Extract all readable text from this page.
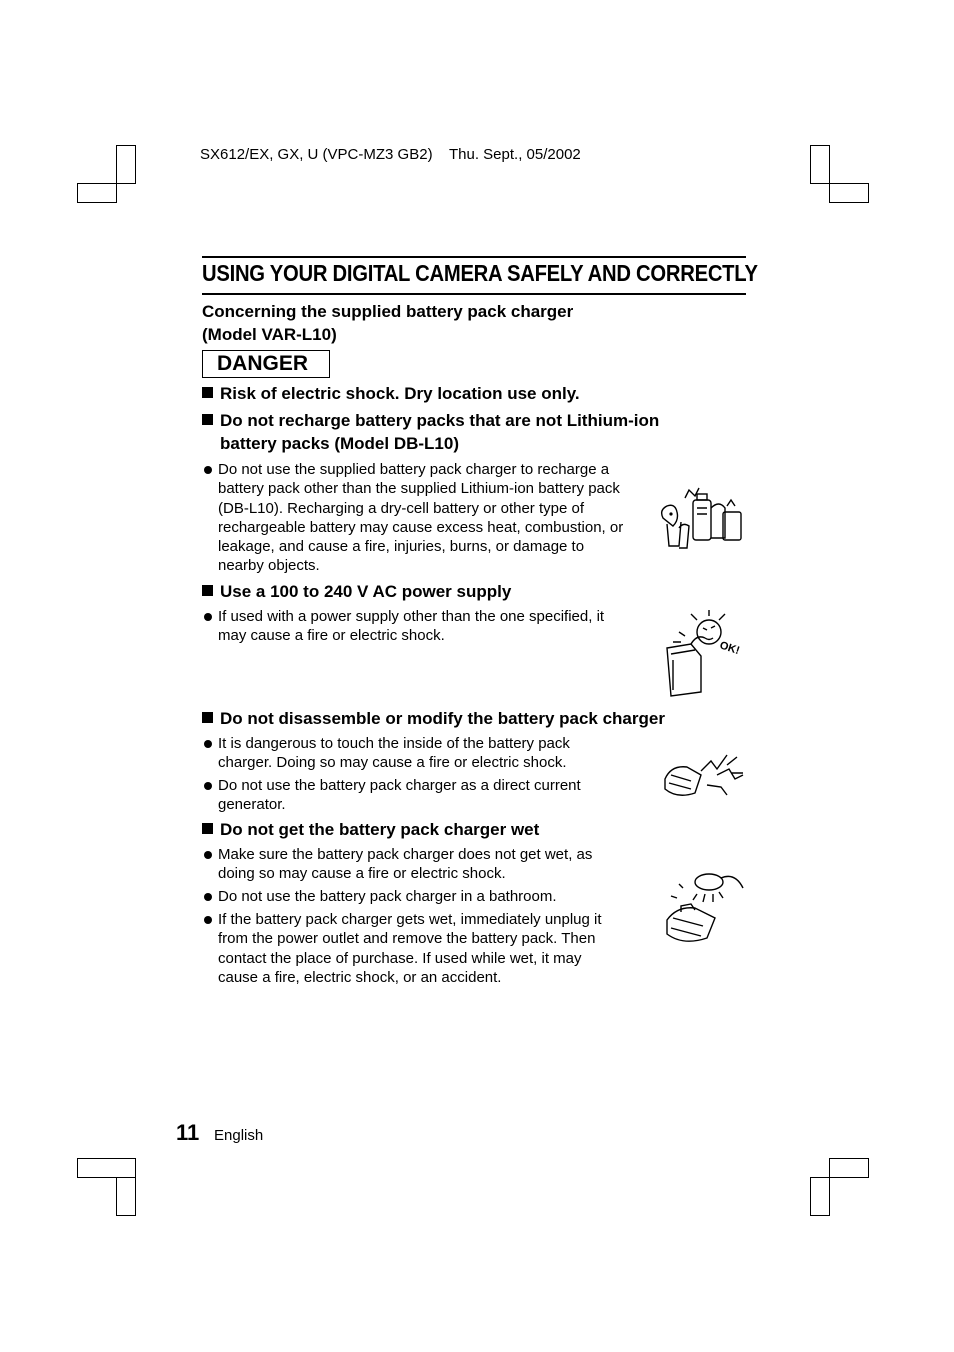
SX612/EX, GX, U (VPC-MZ3 GB2) Thu. Sept., 05/2002
USING YOUR DIGITAL CAMERA SAFELY AND CORRECTLY
Concerning the supplied battery pack charger
(Model VAR-L10)
DANGER
Risk of electric shock. Dry location use only.
Do not recharge battery packs that are not Lithium-ion
battery packs (Model DB-L10)
Do not use the supplied battery pack charger to recharge a battery pack other than the supplied Lithium-ion battery pack (DB-L10). Recharging a dry-cell battery or other type of rechargeable battery may cause excess heat, combustion, or leakage, and cause a fire, injuries, burns, or damage to nearby objects.
Use a 100 to 240 V AC power supply
If used with a power supply other than the one specified, it may cause a fire or electric shock.
OK!
Do not disassemble or modify the battery pack charger
It is dangerous to touch the inside of the battery pack charger. Doing so may cause a fire or electric shock.
Do not use the battery pack charger as a direct current generator.
Do not get the battery pack charger wet
Make sure the battery pack charger does not get wet, as doing so may cause a fire or electric shock.
Do not use the battery pack charger in a bathroom.
If the battery pack charger gets wet, immediately unplug it from the power outlet and remove the battery pack. Then contact the place of purchase. If used while wet, it may cause a fire, electric shock, or an accident.
11 English
